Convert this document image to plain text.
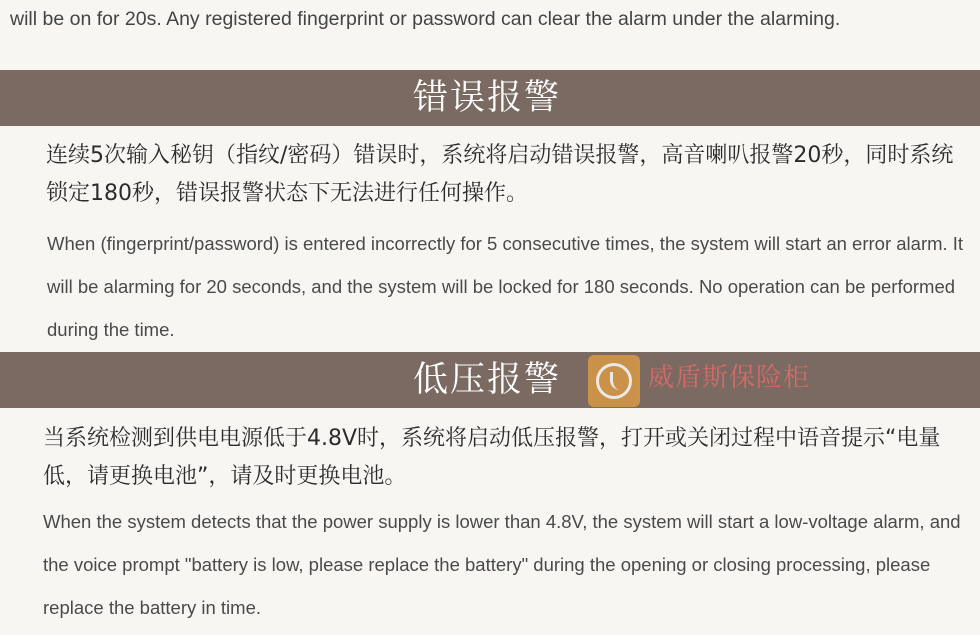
will be on for 20s. Any registered fingerprint or password can clear the alarm under the alarming.
错误报警
连续5次输入秘钥（指纹/密码）错误时，系统将启动错误报警，高音喇叭报警20秒，同时系统锁定180秒，错误报警状态下无法进行任何操作。
When (fingerprint/password) is entered incorrectly for 5 consecutive times, the system will start an error alarm. It will be alarming for 20 seconds, and the system will be locked for 180 seconds. No operation can be performed during the time.
低压报警	威盾斯保险柜
www.weidunsi.cn
当系统检测到供电电源低于4.8V时，系统将启动低压报警，打开或关闭过程中语音提示“电量低，请更换电池”，请及时更换电池。
When the system detects that the power supply is lower than 4.8V, the system will start a low-voltage alarm, and the voice prompt "battery is low, please replace the battery" during the opening or closing processing, please replace the battery in time.
